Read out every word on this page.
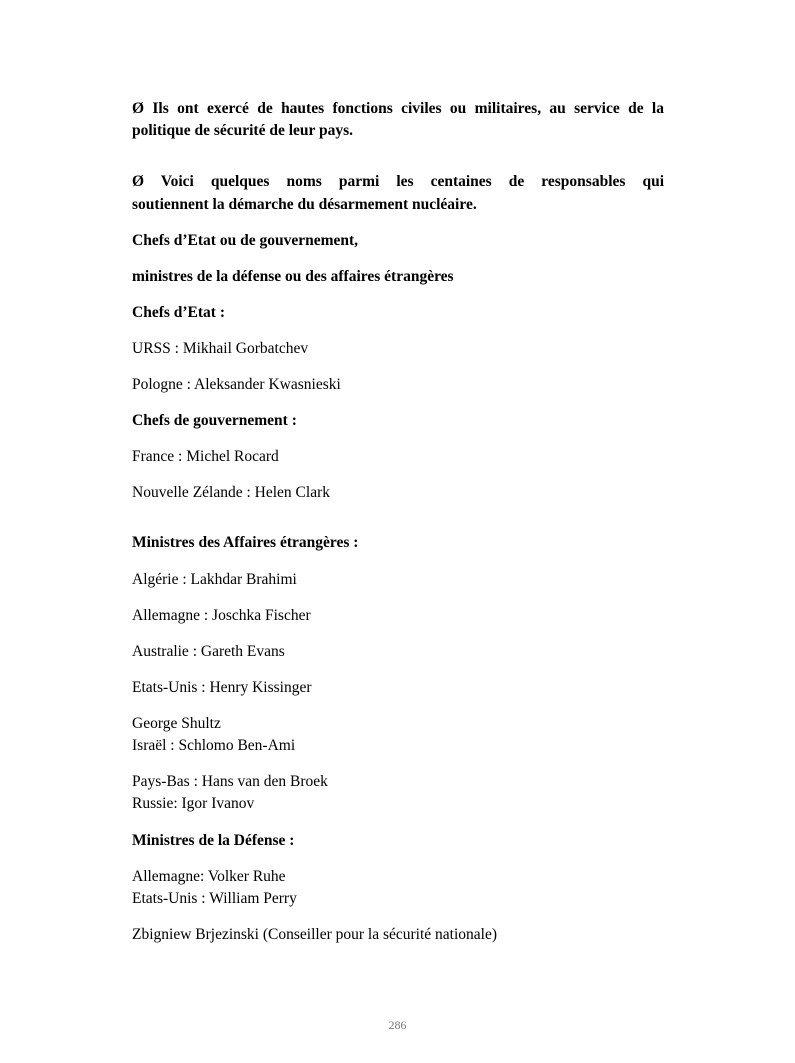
Ø Ils ont exercé de hautes fonctions civiles ou militaires, au service de la
politique de sécurité de leur pays.
Ø Voici quelques noms parmi les centaines de responsables qui
soutiennent la démarche du désarmement nucléaire.
Chefs d’Etat ou de gouvernement,
ministres de la défense ou des affaires étrangères
Chefs d’Etat :
URSS : Mikhail Gorbatchev
Pologne : Aleksander Kwasnieski
Chefs de gouvernement :
France : Michel Rocard
Nouvelle Zélande : Helen Clark
Ministres des Affaires étrangères :
Algérie : Lakhdar Brahimi
Allemagne : Joschka Fischer
Australie : Gareth Evans
Etats-Unis : Henry Kissinger
George Shultz
Israël : Schlomo Ben-Ami
Pays-Bas : Hans van den Broek
Russie: Igor Ivanov
Ministres de la Défense :
Allemagne: Volker Ruhe
Etats-Unis : William Perry
Zbigniew Brjezinski (Conseiller pour la sécurité nationale)
286
